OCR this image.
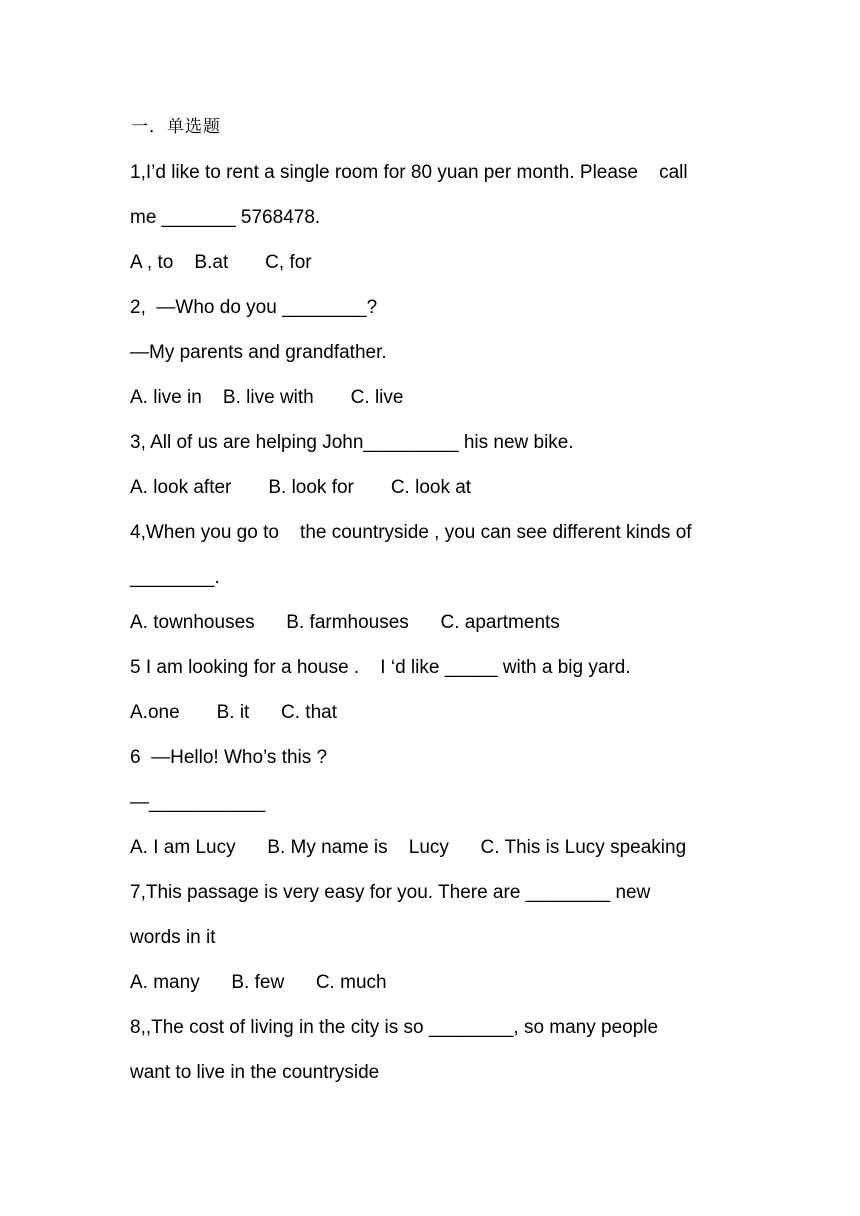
一．单选题
1,I’d like to rent a single room for 80 yuan per month. Please    call
me _______ 5768478.
A , to    B.at       C, for
2,  —Who do you ________?
—My parents and grandfather.
A. live in    B. live with       C. live
3, All of us are helping John_________ his new bike.
A. look after       B. look for       C. look at
4,When you go to    the countryside , you can see different kinds of
________.
A. townhouses      B. farmhouses      C. apartments
5 I am looking for a house .    I ‘d like _____ with a big yard.
A.one       B. it      C. that
6  —Hello! Who’s this ?
—___________
A. I am Lucy      B. My name is    Lucy      C. This is Lucy speaking
7,This passage is very easy for you. There are ________ new
words in it
A. many      B. few      C. much
8,,The cost of living in the city is so ________, so many people
want to live in the countryside
